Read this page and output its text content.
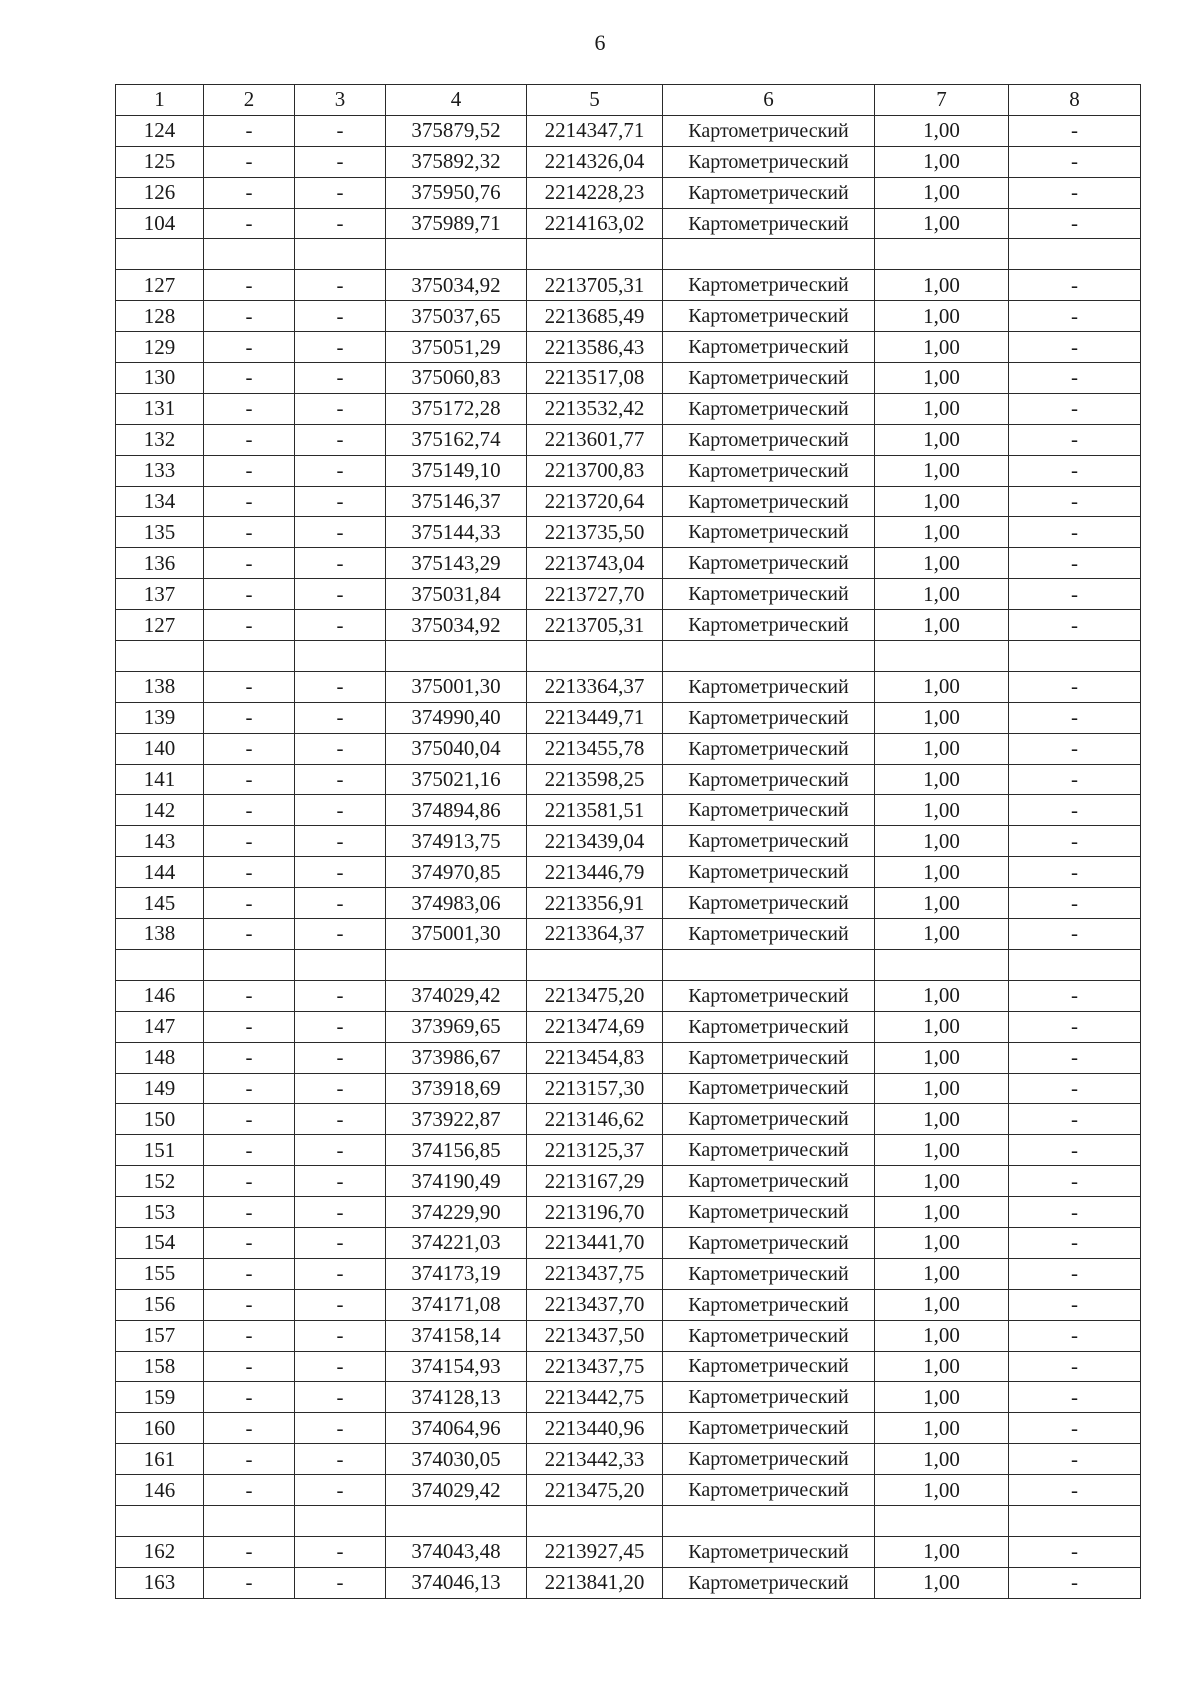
6
1	2	3	4	5	6	7	8
124	-	-	375879,52	2214347,71	Картометрический	1,00	-
125	-	-	375892,32	2214326,04	Картометрический	1,00	-
126	-	-	375950,76	2214228,23	Картометрический	1,00	-
104	-	-	375989,71	2214163,02	Картометрический	1,00	-

127	-	-	375034,92	2213705,31	Картометрический	1,00	-
128	-	-	375037,65	2213685,49	Картометрический	1,00	-
129	-	-	375051,29	2213586,43	Картометрический	1,00	-
130	-	-	375060,83	2213517,08	Картометрический	1,00	-
131	-	-	375172,28	2213532,42	Картометрический	1,00	-
132	-	-	375162,74	2213601,77	Картометрический	1,00	-
133	-	-	375149,10	2213700,83	Картометрический	1,00	-
134	-	-	375146,37	2213720,64	Картометрический	1,00	-
135	-	-	375144,33	2213735,50	Картометрический	1,00	-
136	-	-	375143,29	2213743,04	Картометрический	1,00	-
137	-	-	375031,84	2213727,70	Картометрический	1,00	-
127	-	-	375034,92	2213705,31	Картометрический	1,00	-

138	-	-	375001,30	2213364,37	Картометрический	1,00	-
139	-	-	374990,40	2213449,71	Картометрический	1,00	-
140	-	-	375040,04	2213455,78	Картометрический	1,00	-
141	-	-	375021,16	2213598,25	Картометрический	1,00	-
142	-	-	374894,86	2213581,51	Картометрический	1,00	-
143	-	-	374913,75	2213439,04	Картометрический	1,00	-
144	-	-	374970,85	2213446,79	Картометрический	1,00	-
145	-	-	374983,06	2213356,91	Картометрический	1,00	-
138	-	-	375001,30	2213364,37	Картометрический	1,00	-

146	-	-	374029,42	2213475,20	Картометрический	1,00	-
147	-	-	373969,65	2213474,69	Картометрический	1,00	-
148	-	-	373986,67	2213454,83	Картометрический	1,00	-
149	-	-	373918,69	2213157,30	Картометрический	1,00	-
150	-	-	373922,87	2213146,62	Картометрический	1,00	-
151	-	-	374156,85	2213125,37	Картометрический	1,00	-
152	-	-	374190,49	2213167,29	Картометрический	1,00	-
153	-	-	374229,90	2213196,70	Картометрический	1,00	-
154	-	-	374221,03	2213441,70	Картометрический	1,00	-
155	-	-	374173,19	2213437,75	Картометрический	1,00	-
156	-	-	374171,08	2213437,70	Картометрический	1,00	-
157	-	-	374158,14	2213437,50	Картометрический	1,00	-
158	-	-	374154,93	2213437,75	Картометрический	1,00	-
159	-	-	374128,13	2213442,75	Картометрический	1,00	-
160	-	-	374064,96	2213440,96	Картометрический	1,00	-
161	-	-	374030,05	2213442,33	Картометрический	1,00	-
146	-	-	374029,42	2213475,20	Картометрический	1,00	-

162	-	-	374043,48	2213927,45	Картометрический	1,00	-
163	-	-	374046,13	2213841,20	Картометрический	1,00	-
